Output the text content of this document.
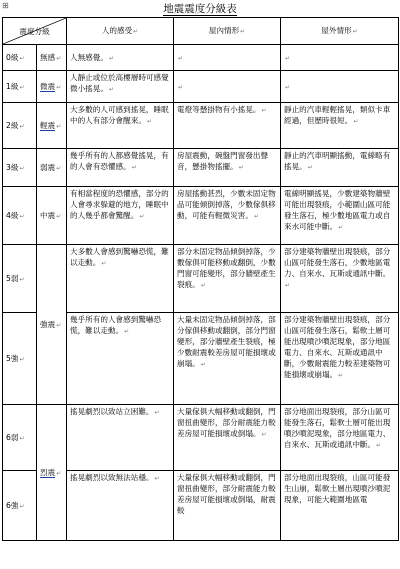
⊞	地震震度分級表
震度分級		人的感受↵	屋內情形↵	屋外情形↵
0級↵	無感↵	人無感覺。↵	↵	↵
1級↵	微震↵	人靜止或位於高樓層時可感覺微小搖晃。↵	↵	↵
2級↵	輕震↵	大多數的人可感到搖晃，睡眠中的人有部分會醒來。↵	電燈等懸掛物有小搖晃。↵	靜止的汽車輕輕搖晃，類似卡車經過，但歷時很短。↵
3級↵	弱震↵	幾乎所有的人都感覺搖晃，有的人會有恐懼感。↵	房屋震動，碗盤門窗發出聲音，懸掛物搖擺。↵	靜止的汽車明顯搖動，電線略有搖晃。↵
4級↵	中震↵	有相當程度的恐懼感，部分的人會尋求躲避的地方，睡眠中的人幾乎都會驚醒。↵	房屋搖動甚烈，少數未固定物品可能傾倒掉落，少數傢俱移動，可能有輕微災害。↵	電線明顯搖晃，少數建築物牆壁可能出現裂痕，小範圍山區可能發生落石，極少數地區電力或自來水可能中斷。↵
5弱↵	強震↵	大多數人會感到驚嚇恐慌，難以走動。↵	部分未固定物品傾倒掉落，少數傢俱可能移動或翻倒，少數門窗可能變形，部分牆壁產生裂痕。↵	部分建築物牆壁出現裂痕，部分山區可能發生落石，少數地區電力、自來水、瓦斯或通訊中斷。↵
5強↵		幾乎所有的人會感到驚嚇恐慌，難以走動。↵	大量未固定物品傾倒掉落，部分傢俱移動或翻倒，部分門窗變形，部分牆壁產生裂痕，極少數耐震較差房屋可能損壞或崩塌。↵	部分建築物牆壁出現裂痕，部分山區可能發生落石，鬆軟土層可能出現噴沙噴泥現象，部分地區電力、自來水、瓦斯或通訊中斷，少數耐震能力較差建築物可能損壞或崩塌。↵
6弱↵	烈震↵	搖晃劇烈以致站立困難。↵	大量傢俱大幅移動或翻倒，門窗扭曲變形，部分耐震能力較差房屋可能損壞或倒塌。↵	部分地面出現裂痕，部分山區可能發生落石，鬆軟土層可能出現噴沙噴泥現象，部分地區電力、自來水、瓦斯或通訊中斷。↵
6強↵		搖晃劇烈以致無法站穩。↵	大量傢俱大幅移動或翻倒，門窗扭曲變形，部分耐震能力較差房屋可能損壞或倒塌，耐震較	部分地面出現裂痕，山區可能發生山崩，鬆軟土層出現噴沙噴泥現象，可能大範圍地區電
